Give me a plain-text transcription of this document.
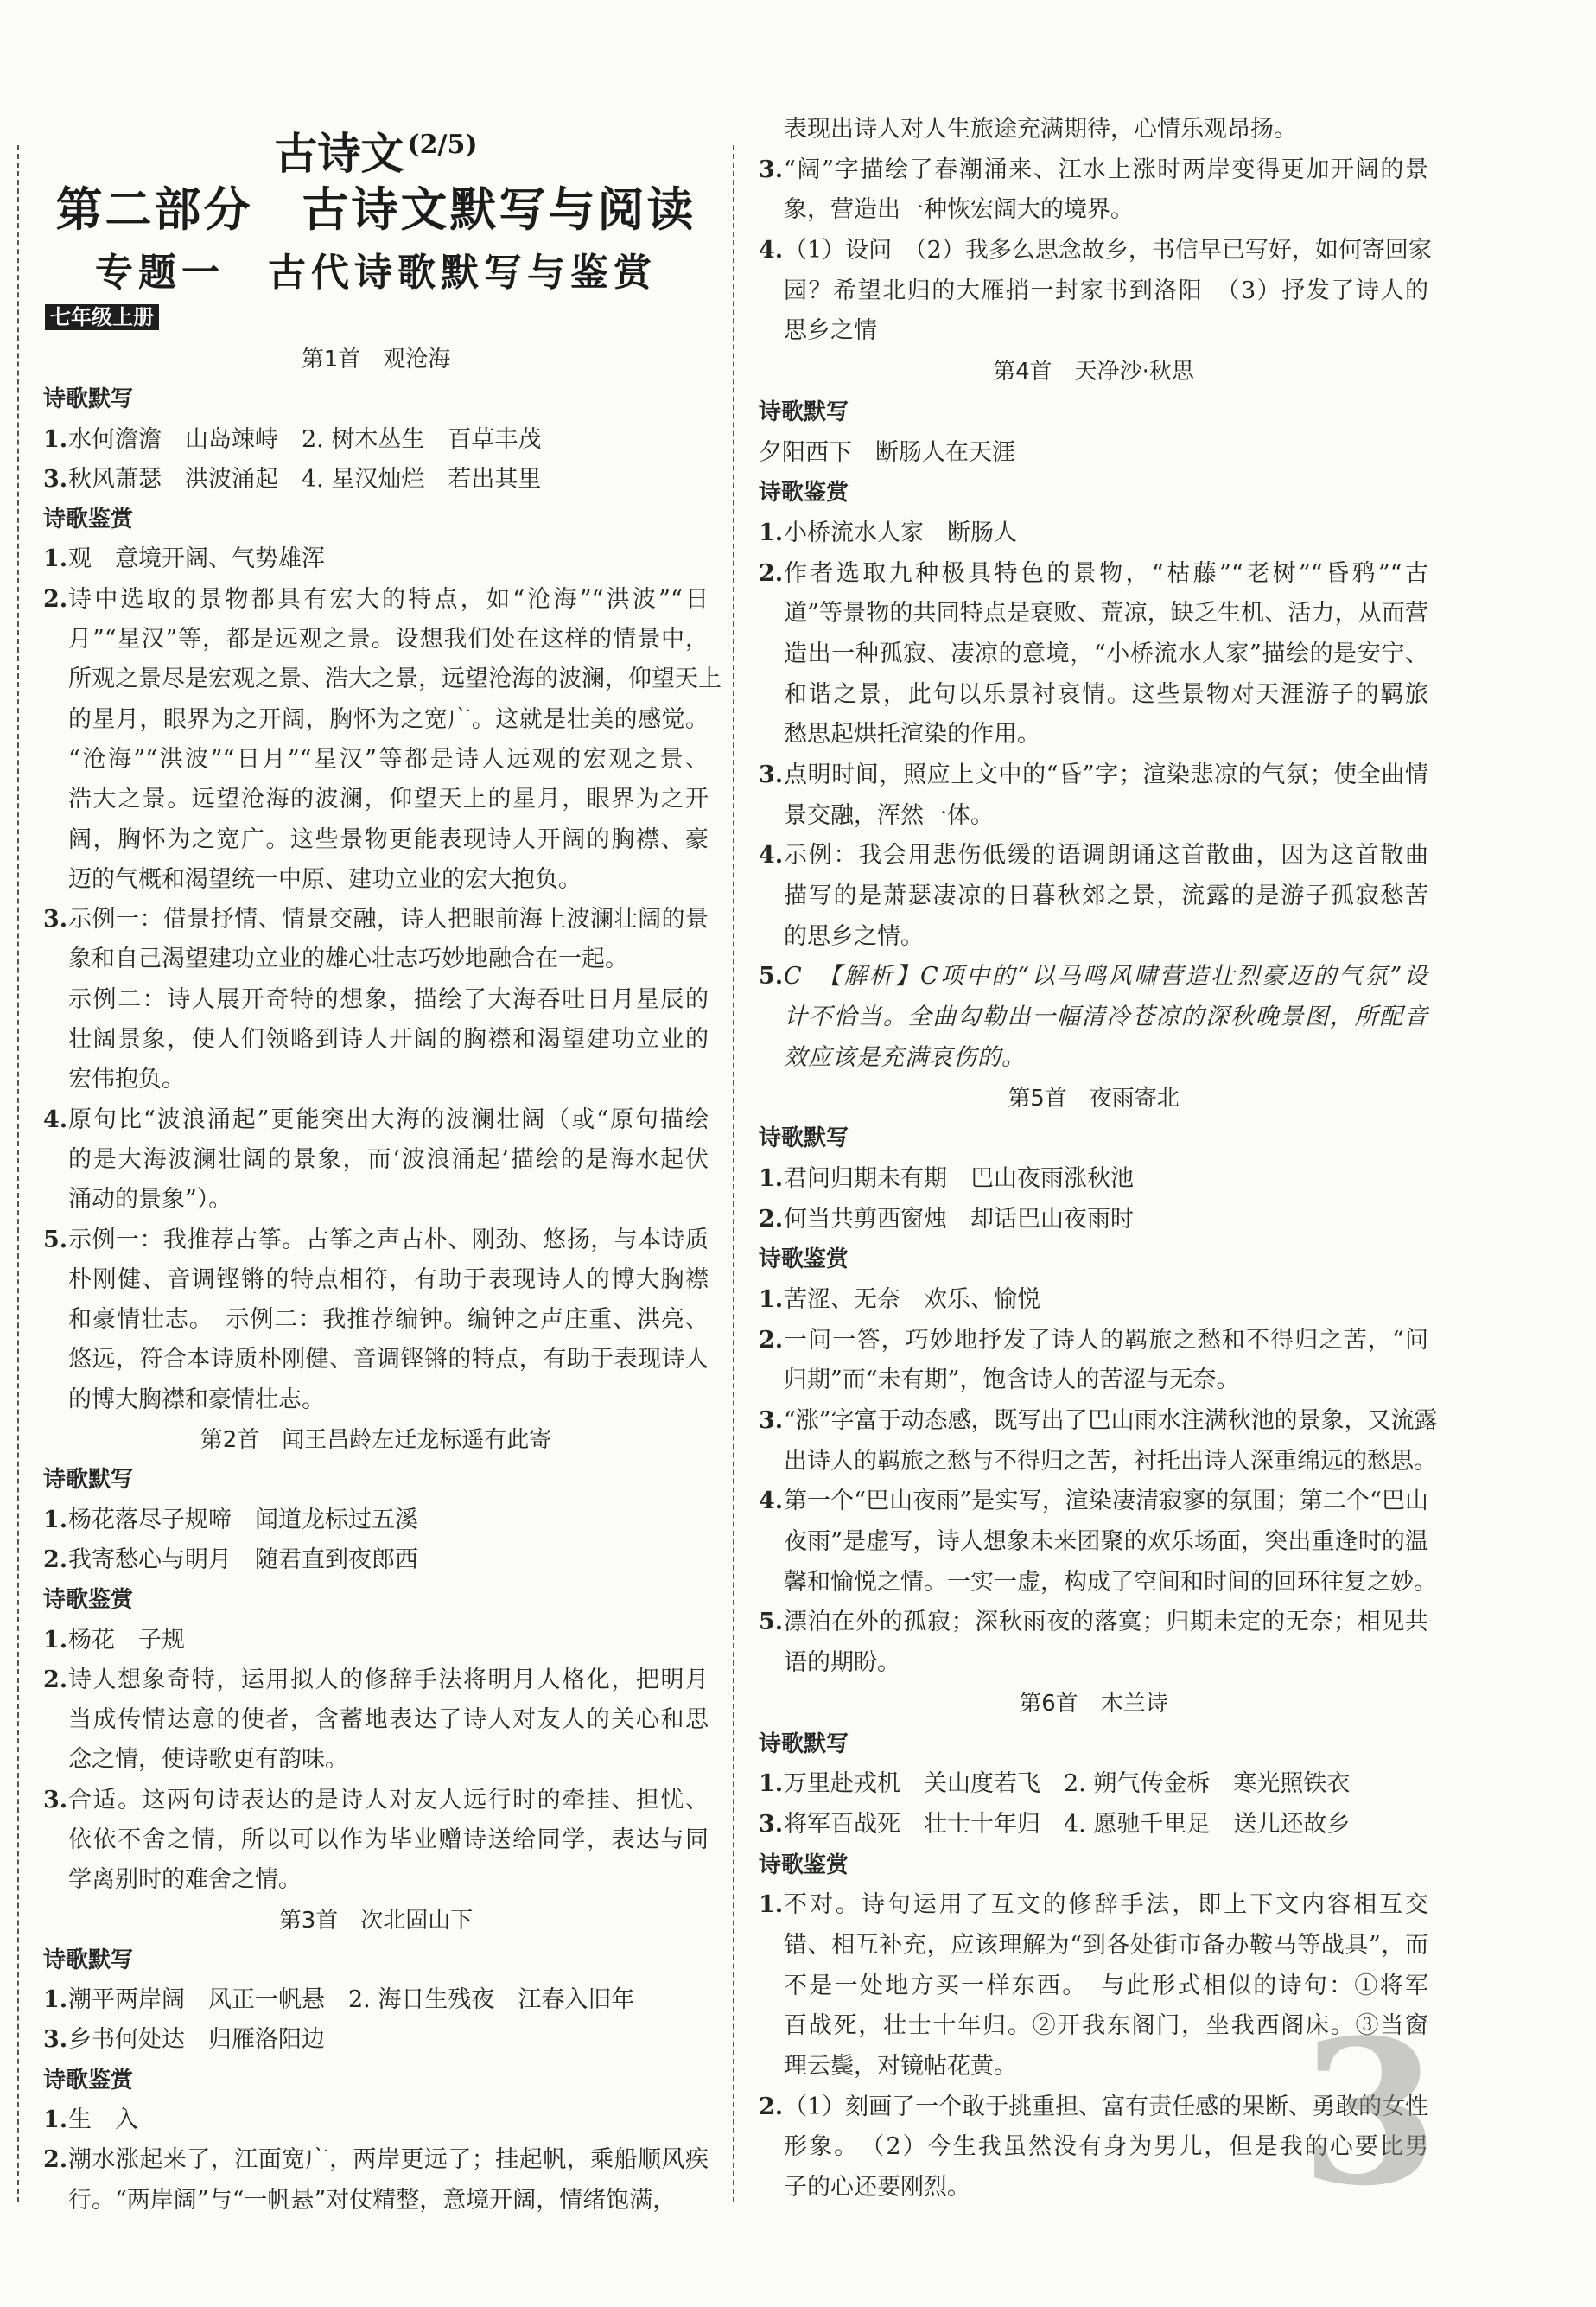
古诗文 $^{(2/5)}$
第二部分　古诗文默写与阅读
专题一　古代诗歌默写与鉴赏
七年级上册
第1首　观沧海
诗歌默写
1. 水何澹澹　山岛竦峙　2. 树木丛生　百草丰茂
3. 秋风萧瑟　洪波涌起　4. 星汉灿烂　若出其里
诗歌鉴赏
1. 观　意境开阔、气势雄浑
2. 诗中选取的景物都具有宏大的特点，如“沧海”“洪波”“日
月”“星汉”等，都是远观之景。设想我们处在这样的情景中，
所观之景尽是宏观之景、浩大之景，远望沧海的波澜，仰望天上
的星月，眼界为之开阔，胸怀为之宽广。这就是壮美的感觉。
“沧海”“洪波”“日月”“星汉”等都是诗人远观的宏观之景、
浩大之景。远望沧海的波澜，仰望天上的星月，眼界为之开
阔，胸怀为之宽广。这些景物更能表现诗人开阔的胸襟、豪
迈的气概和渴望统一中原、建功立业的宏大抱负。
3. 示例一：借景抒情、情景交融，诗人把眼前海上波澜壮阔的景
象和自己渴望建功立业的雄心壮志巧妙地融合在一起。
示例二：诗人展开奇特的想象，描绘了大海吞吐日月星辰的
壮阔景象，使人们领略到诗人开阔的胸襟和渴望建功立业的
宏伟抱负。
4. 原句比“波浪涌起”更能突出大海的波澜壮阔（或“原句描绘
的是大海波澜壮阔的景象，而‘波浪涌起’描绘的是海水起伏
涌动的景象”）。
5. 示例一：我推荐古筝。古筝之声古朴、刚劲、悠扬，与本诗质
朴刚健、音调铿锵的特点相符，有助于表现诗人的博大胸襟
和豪情壮志。　示例二：我推荐编钟。编钟之声庄重、洪亮、
悠远，符合本诗质朴刚健、音调铿锵的特点，有助于表现诗人
的博大胸襟和豪情壮志。
第2首　闻王昌龄左迁龙标遥有此寄
诗歌默写
1. 杨花落尽子规啼　闻道龙标过五溪
2. 我寄愁心与明月　随君直到夜郎西
诗歌鉴赏
1. 杨花　子规
2. 诗人想象奇特，运用拟人的修辞手法将明月人格化，把明月
当成传情达意的使者，含蓄地表达了诗人对友人的关心和思
念之情，使诗歌更有韵味。
3. 合适。这两句诗表达的是诗人对友人远行时的牵挂、担忧、
依依不舍之情，所以可以作为毕业赠诗送给同学，表达与同
学离别时的难舍之情。
第3首　次北固山下
诗歌默写
1. 潮平两岸阔　风正一帆悬　2. 海日生残夜　江春入旧年
3. 乡书何处达　归雁洛阳边
诗歌鉴赏
1. 生　入
2. 潮水涨起来了，江面宽广，两岸更远了；挂起帆，乘船顺风疾
行。“两岸阔”与“一帆悬”对仗精整，意境开阔，情绪饱满，
表现出诗人对人生旅途充满期待，心情乐观昂扬。
3. “阔”字描绘了春潮涌来、江水上涨时两岸变得更加开阔的景
象，营造出一种恢宏阔大的境界。
4. （1）设问　（2）我多么思念故乡，书信早已写好，如何寄回家
园？希望北归的大雁捎一封家书到洛阳　（3）抒发了诗人的
思乡之情
第4首　天净沙·秋思
诗歌默写
夕阳西下　断肠人在天涯
诗歌鉴赏
1. 小桥流水人家　断肠人
2. 作者选取九种极具特色的景物，“枯藤”“老树”“昏鸦”“古
道”等景物的共同特点是衰败、荒凉，缺乏生机、活力，从而营
造出一种孤寂、凄凉的意境，“小桥流水人家”描绘的是安宁、
和谐之景，此句以乐景衬哀情。这些景物对天涯游子的羁旅
愁思起烘托渲染的作用。
3. 点明时间，照应上文中的“昏”字；渲染悲凉的气氛；使全曲情
景交融，浑然一体。
4. 示例：我会用悲伤低缓的语调朗诵这首散曲，因为这首散曲
描写的是萧瑟凄凉的日暮秋郊之景，流露的是游子孤寂愁苦
的思乡之情。
5. C　【解析】C项中的“以马鸣风啸营造壮烈豪迈的气氛”设
计不恰当。全曲勾勒出一幅清冷苍凉的深秋晚景图，所配音
效应该是充满哀伤的。
第5首　夜雨寄北
诗歌默写
1. 君问归期未有期　巴山夜雨涨秋池
2. 何当共剪西窗烛　却话巴山夜雨时
诗歌鉴赏
1. 苦涩、无奈　欢乐、愉悦
2. 一问一答，巧妙地抒发了诗人的羁旅之愁和不得归之苦，“问
归期”而“未有期”，饱含诗人的苦涩与无奈。
3. “涨”字富于动态感，既写出了巴山雨水注满秋池的景象，又流露
出诗人的羁旅之愁与不得归之苦，衬托出诗人深重绵远的愁思。
4. 第一个“巴山夜雨”是实写，渲染凄清寂寥的氛围；第二个“巴山
夜雨”是虚写，诗人想象未来团聚的欢乐场面，突出重逢时的温
馨和愉悦之情。一实一虚，构成了空间和时间的回环往复之妙。
5. 漂泊在外的孤寂；深秋雨夜的落寞；归期未定的无奈；相见共
语的期盼。
第6首　木兰诗
诗歌默写
1. 万里赴戎机　关山度若飞　2. 朔气传金柝　寒光照铁衣
3. 将军百战死　壮士十年归　4. 愿驰千里足　送儿还故乡
诗歌鉴赏
1. 不对。诗句运用了互文的修辞手法，即上下文内容相互交
错、相互补充，应该理解为“到各处街市备办鞍马等战具”，而
不是一处地方买一样东西。　与此形式相似的诗句：①将军
百战死，壮士十年归。②开我东阁门，坐我西阁床。③当窗
理云鬓，对镜帖花黄。
2. （1）刻画了一个敢于挑重担、富有责任感的果断、勇敢的女性
形象。　（2）今生我虽然没有身为男儿，但是我的心要比男
子的心还要刚烈。	3
